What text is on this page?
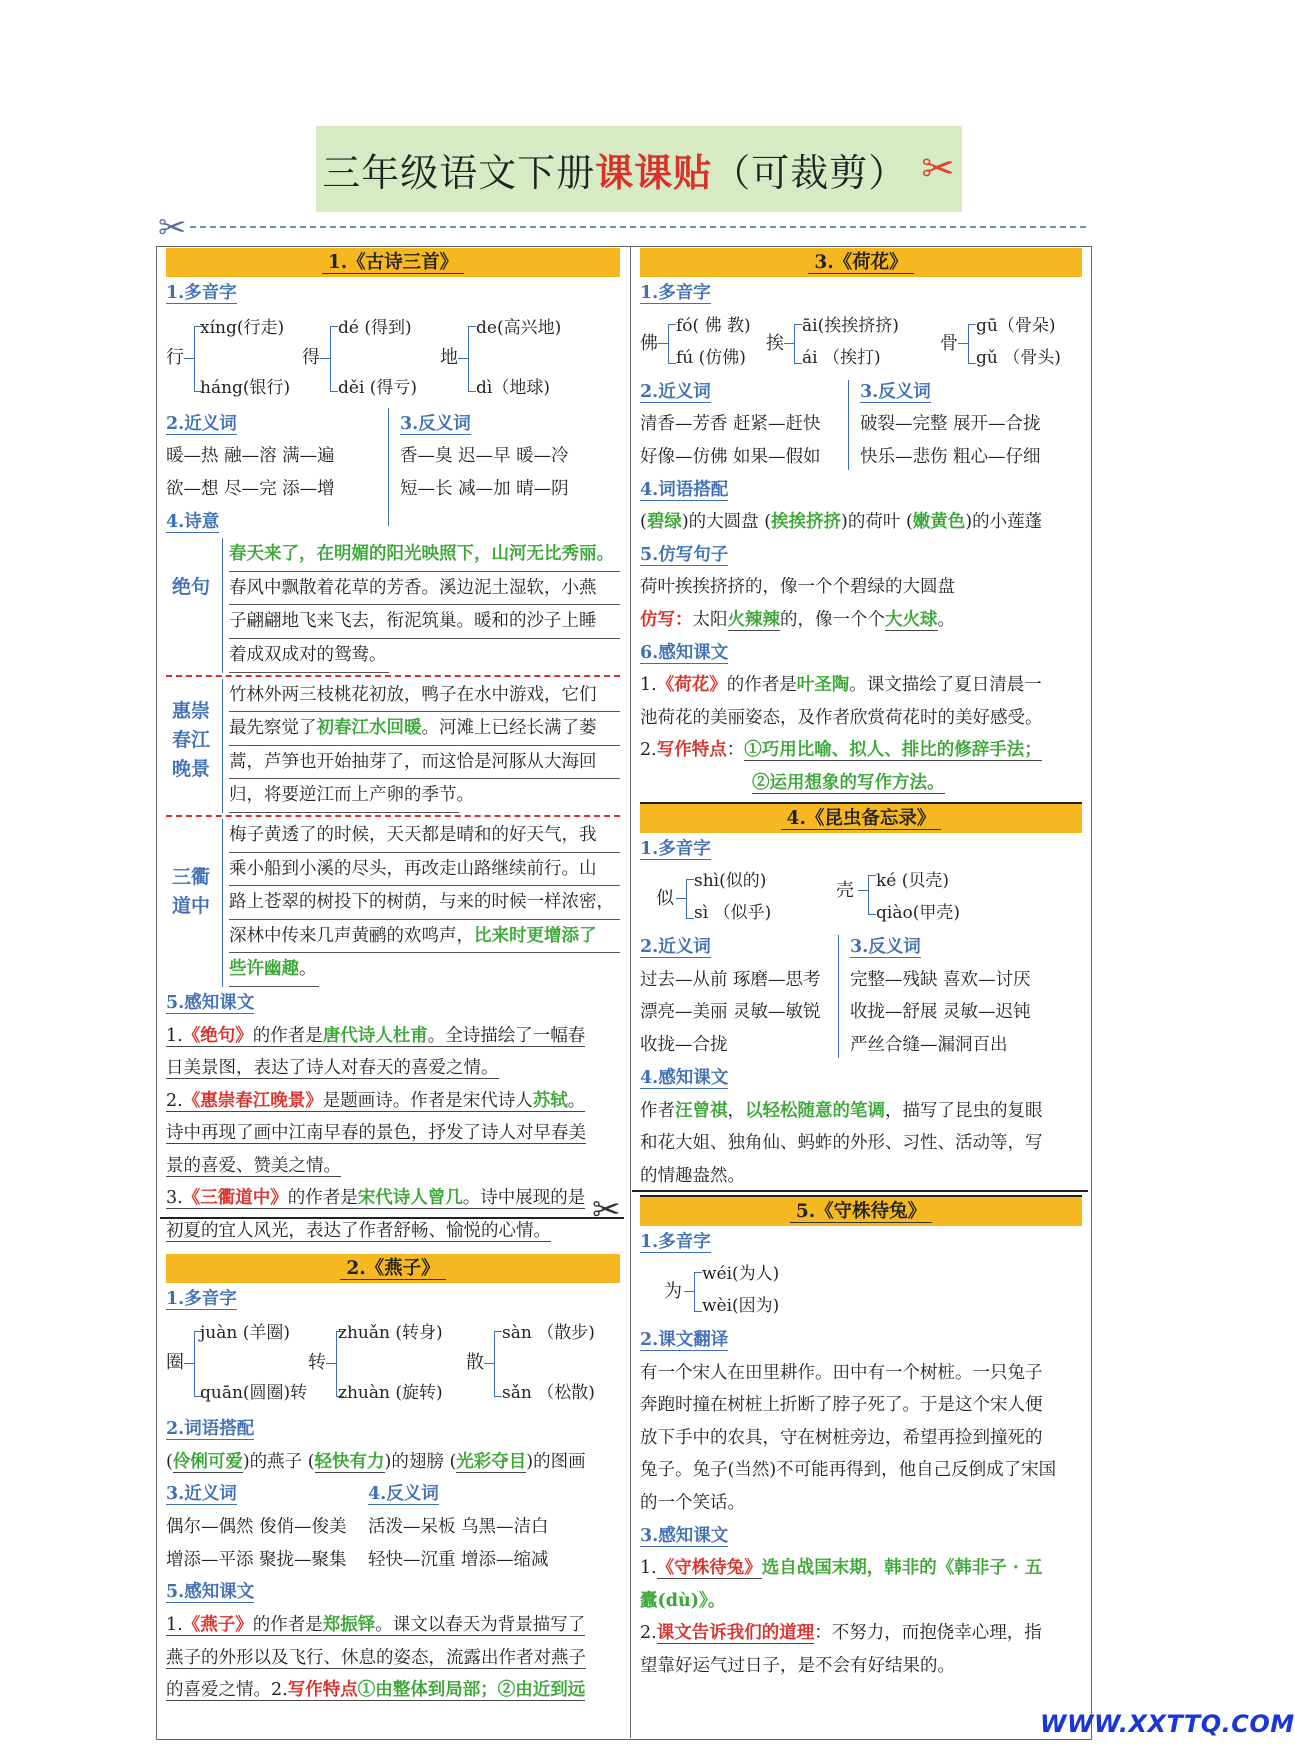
三年级语文下册 课课贴 （可裁剪） ✂
✂
1.《古诗三首》
1.多音字
行
xíng(行走)
háng(银行)
得
dé (得到)
děi (得亏)
地
de(高兴地)
dì（地球)
2.近义词
暖—热 融—溶 满—遍
欲—想 尽—完 添—增
3.反义词
香—臭 迟—早 暖—冷
短—长 减—加 晴—阴
4.诗意
绝句
春天来了，在明媚的阳光映照下，山河无比秀丽。
春风中飘散着花草的芳香。溪边泥土湿软，小燕
子翩翩地飞来飞去，衔泥筑巢。暖和的沙子上睡
着成双成对的鸳鸯。
惠崇春江晚景
竹林外两三枝桃花初放，鸭子在水中游戏，它们
最先察觉了初春江水回暖。河滩上已经长满了蒌
蒿，芦笋也开始抽芽了，而这恰是河豚从大海回
归，将要逆江而上产卵的季节。
三衢道中
梅子黄透了的时候，天天都是晴和的好天气，我
乘小船到小溪的尽头，再改走山路继续前行。山
路上苍翠的树投下的树荫，与来的时候一样浓密，
深林中传来几声黄鹂的欢鸣声，比来时更增添了
些许幽趣。
5.感知课文
1.《绝句》的作者是唐代诗人杜甫。全诗描绘了一幅春
日美景图，表达了诗人对春天的喜爱之情。
2.《惠崇春江晚景》是题画诗。作者是宋代诗人苏轼。
诗中再现了画中江南早春的景色，抒发了诗人对早春美
景的喜爱、赞美之情。
3.《三衢道中》的作者是宋代诗人曾几。诗中展现的是
初夏的宜人风光，表达了作者舒畅、愉悦的心情。
2.《燕子》
1.多音字
圈
juàn (羊圈)
quān(圆圈)转
转
zhuǎn (转身)
zhuàn (旋转)
散
sàn （散步)
sǎn （松散)
2.词语搭配
(伶俐可爱)的燕子 (轻快有力)的翅膀 (光彩夺目)的图画
3.近义词
偶尔—偶然 俊俏—俊美
增添—平添 聚拢—聚集
4.反义词
活泼—呆板 乌黑—洁白
轻快—沉重 增添—缩减
5.感知课文
1.《燕子》的作者是郑振铎。课文以春天为背景描写了
燕子的外形以及飞行、休息的姿态，流露出作者对燕子
的喜爱之情。2.写作特点①由整体到局部；②由近到远
✂
3.《荷花》
1.多音字
佛
fó( 佛 教)
fú (仿佛)
挨
āi(挨挨挤挤)
ái （挨打)
骨
gū（骨朵)
gǔ （骨头)
2.近义词
清香—芳香 赶紧—赶快
好像—仿佛 如果—假如
3.反义词
破裂—完整 展开—合拢
快乐—悲伤 粗心—仔细
4.词语搭配
(碧绿)的大圆盘 (挨挨挤挤)的荷叶 (嫩黄色)的小莲蓬
5.仿写句子
荷叶挨挨挤挤的，像一个个碧绿的大圆盘
仿写：太阳火辣辣的，像一个个大火球。
6.感知课文
1.《荷花》的作者是叶圣陶。课文描绘了夏日清晨一
池荷花的美丽姿态，及作者欣赏荷花时的美好感受。
2.写作特点：①巧用比喻、拟人、排比的修辞手法；
②运用想象的写作方法。
4.《昆虫备忘录》
1.多音字
似
shì(似的)
sì （似乎)
壳 ké (贝壳)
qiào(甲壳)
2.近义词
过去—从前 琢磨—思考
漂亮—美丽 灵敏—敏锐
收拢—合拢
3.反义词
完整—残缺 喜欢—讨厌
收拢—舒展 灵敏—迟钝
严丝合缝—漏洞百出
4.感知课文
作者汪曾祺，以轻松随意的笔调，描写了昆虫的复眼
和花大姐、独角仙、蚂蚱的外形、习性、活动等，写
的情趣盎然。
5.《守株待兔》
1.多音字
为
wéi(为人)
wèi(因为)
2.课文翻译
有一个宋人在田里耕作。田中有一个树桩。一只兔子
奔跑时撞在树桩上折断了脖子死了。于是这个宋人便
放下手中的农具，守在树桩旁边，希望再捡到撞死的
兔子。兔子(当然)不可能再得到，他自己反倒成了宋国
的一个笑话。
3.感知课文
1.《守株待兔》选自战国末期，韩非的《韩非子 · 五
蠹(dù)》。
2.课文告诉我们的道理：不努力，而抱侥幸心理，指
望靠好运气过日子，是不会有好结果的。
WWW.XXTTQ.COM
